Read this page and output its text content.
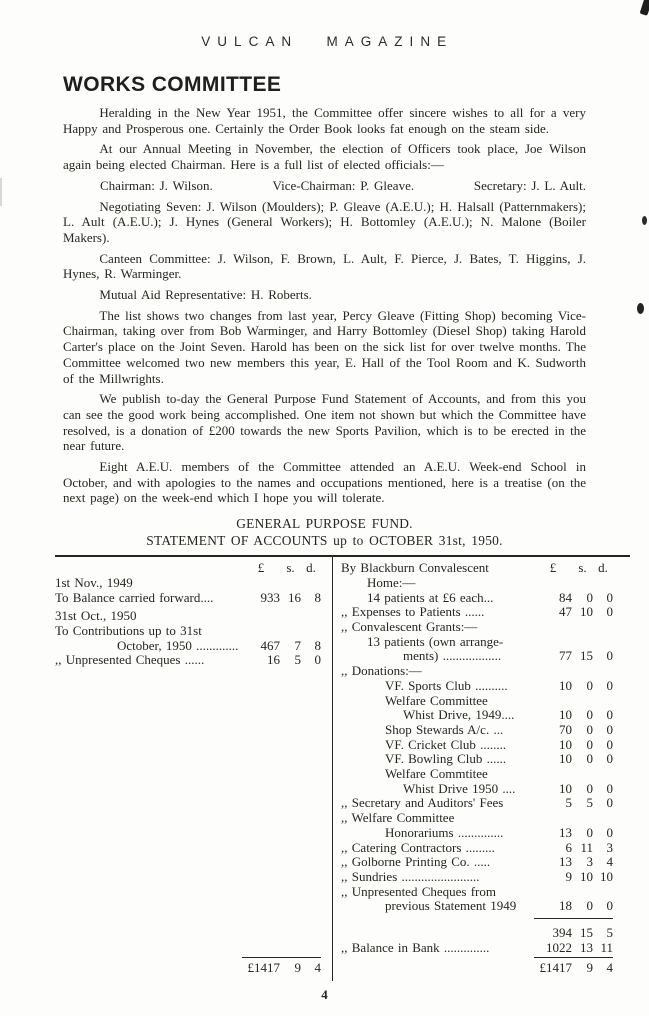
VULCAN MAGAZINE
WORKS COMMITTEE

Heralding in the New Year 1951, the Committee offer sincere wishes to all for a very Happy and Prosperous one. Certainly the Order Book looks fat enough on the steam side.

At our Annual Meeting in November, the election of Officers took place, Joe Wilson again being elected Chairman. Here is a full list of elected officials:—

Chairman: J. Wilson.	Vice-Chairman: P. Gleave.	Secretary: J. L. Ault.

Negotiating Seven: J. Wilson (Moulders); P. Gleave (A.E.U.); H. Halsall (Patternmakers); L. Ault (A.E.U.); J. Hynes (General Workers); H. Bottomley (A.E.U.); N. Malone (Boiler Makers).

Canteen Committee: J. Wilson, F. Brown, L. Ault, F. Pierce, J. Bates, T. Higgins, J. Hynes, R. Warminger.

Mutual Aid Representative: H. Roberts.

The list shows two changes from last year, Percy Gleave (Fitting Shop) becoming Vice-Chairman, taking over from Bob Warminger, and Harry Bottomley (Diesel Shop) taking Harold Carter's place on the Joint Seven. Harold has been on the sick list for over twelve months. The Committee welcomed two new members this year, E. Hall of the Tool Room and K. Sudworth of the Millwrights.

We publish to-day the General Purpose Fund Statement of Accounts, and from this you can see the good work being accomplished. One item not shown but which the Committee have resolved, is a donation of £200 towards the new Sports Pavilion, which is to be erected in the near future.

Eight A.E.U. members of the Committee attended an A.E.U. Week-end School in October, and with apologies to the names and occupations mentioned, here is a treatise (on the next page) on the week-end which I hope you will tolerate.

GENERAL PURPOSE FUND.
STATEMENT OF ACCOUNTS up to OCTOBER 31st, 1950.
£	s. d.
1st Nov., 1949
To Balance carried forward....	933 16	8
31st Oct., 1950
To Contributions up to 31st
October, 1950 .............	467	7	8
,, Unpresented Cheques ......	16	5	0
£1417	9	4
By Blackburn Convalescent	£	s. d.
Home:—
14 patients at £6 each...	84	0	0
,, Expenses to Patients ......	47 10	0
,, Convalescent Grants:—
13 patients (own arrange-
ments) ..................	77 15	0
,, Donations:—
VF. Sports Club ..........	10	0	0
Welfare Committee
Whist Drive, 1949....	10	0	0
Shop Stewards A/c. ...	70	0	0
VF. Cricket Club ........	10	0	0
VF. Bowling Club ......	10	0	0
Welfare Commtitee
Whist Drive 1950 ....	10	0	0
,, Secretary and Auditors' Fees	5	5	0
,, Welfare Committee
Honorariums ..............	13	0	0
,, Catering Contractors .........	6 11	3
,, Golborne Printing Co. .....	13	3	4
,, Sundries ........................	9 10 10
,, Unpresented Cheques from
previous Statement 1949	18	0	0
394 15	5
,, Balance in Bank ..............	1022 13 11
£1417	9	4
4
